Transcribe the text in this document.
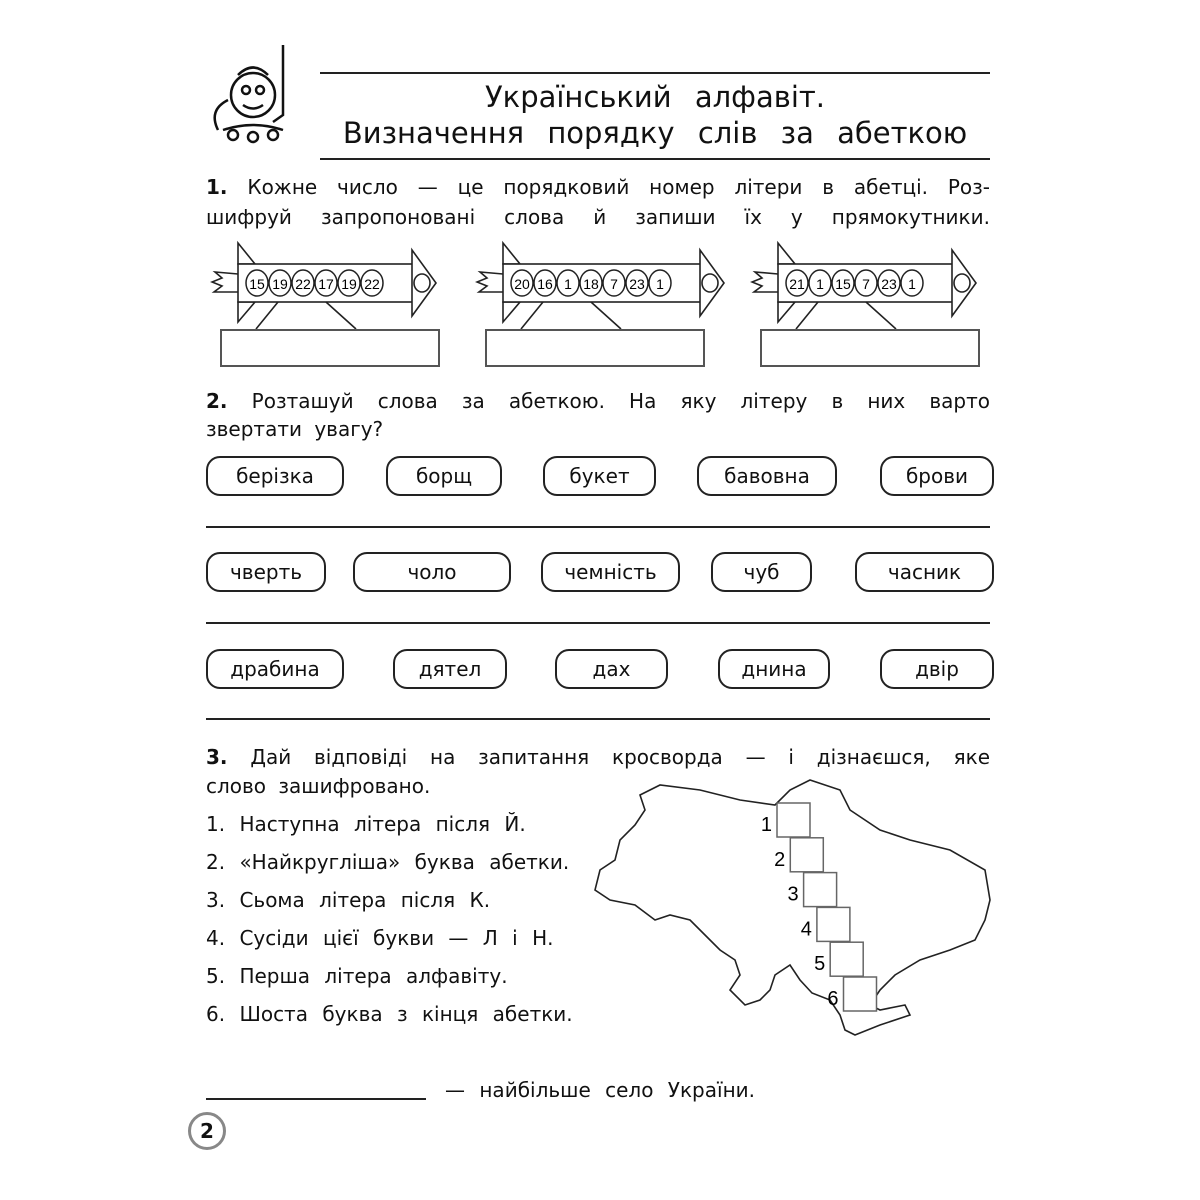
Український алфавіт.
Визначення порядку слів за абеткою
1. Кожне число — це порядковий номер літери в абетці. Роз-
шифруй запропоновані слова й запиши їх у прямокутники.
15 19 22 17 19 22	20 16 1 18 7 23 1	21 1 15 7 23 1
2. Розташуй слова за абеткою. На яку літеру в них варто
звертати увагу?
берізка	борщ	букет	бавовна	брови
чверть	чоло	чемність	чуб	часник
драбина	дятел	дах	днина	двір
3. Дай відповіді на запитання кросворда — і дізнаєшся, яке
слово зашифровано.
1. Наступна літера після Й.
2. «Найкругліша» буква абетки.
3. Сьома літера після К.
4. Сусіди цієї букви — Л і Н.
5. Перша літера алфавіту.
6. Шоста буква з кінця абетки.
1
2
3
4
5
6
— найбільше село України.
2
